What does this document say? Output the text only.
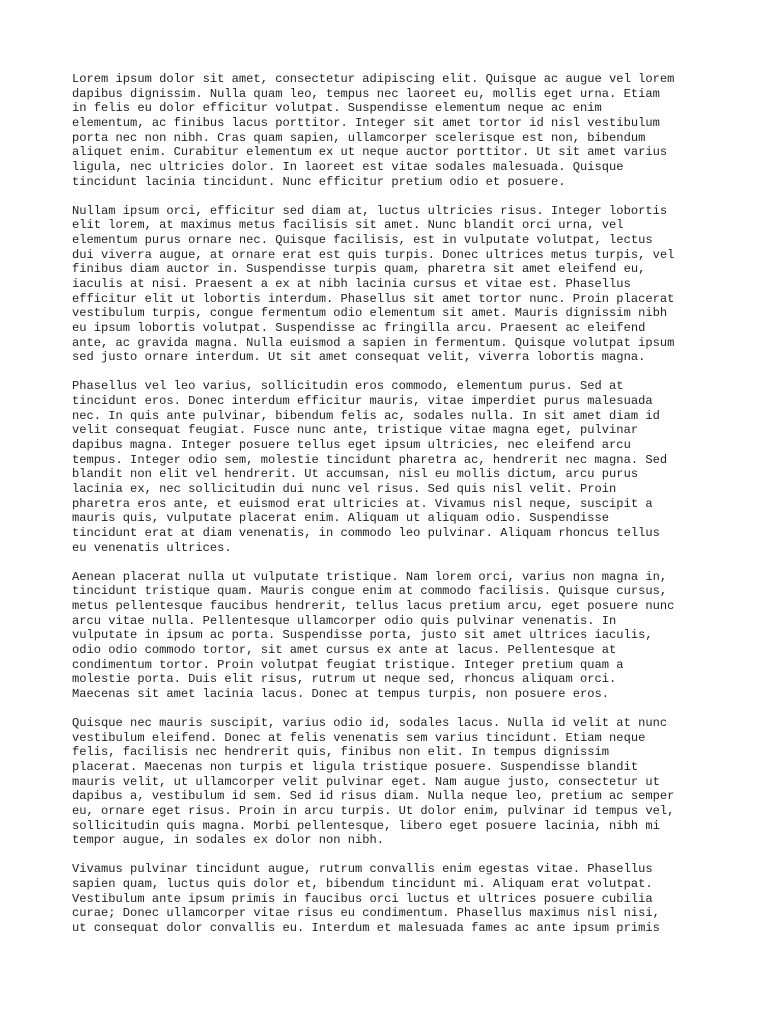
Lorem ipsum dolor sit amet, consectetur adipiscing elit. Quisque ac augue vel lorem
dapibus dignissim. Nulla quam leo, tempus nec laoreet eu, mollis eget urna. Etiam
in felis eu dolor efficitur volutpat. Suspendisse elementum neque ac enim
elementum, ac finibus lacus porttitor. Integer sit amet tortor id nisl vestibulum
porta nec non nibh. Cras quam sapien, ullamcorper scelerisque est non, bibendum
aliquet enim. Curabitur elementum ex ut neque auctor porttitor. Ut sit amet varius
ligula, nec ultricies dolor. In laoreet est vitae sodales malesuada. Quisque
tincidunt lacinia tincidunt. Nunc efficitur pretium odio et posuere.
Nullam ipsum orci, efficitur sed diam at, luctus ultricies risus. Integer lobortis
elit lorem, at maximus metus facilisis sit amet. Nunc blandit orci urna, vel
elementum purus ornare nec. Quisque facilisis, est in vulputate volutpat, lectus
dui viverra augue, at ornare erat est quis turpis. Donec ultrices metus turpis, vel
finibus diam auctor in. Suspendisse turpis quam, pharetra sit amet eleifend eu,
iaculis at nisi. Praesent a ex at nibh lacinia cursus et vitae est. Phasellus
efficitur elit ut lobortis interdum. Phasellus sit amet tortor nunc. Proin placerat
vestibulum turpis, congue fermentum odio elementum sit amet. Mauris dignissim nibh
eu ipsum lobortis volutpat. Suspendisse ac fringilla arcu. Praesent ac eleifend
ante, ac gravida magna. Nulla euismod a sapien in fermentum. Quisque volutpat ipsum
sed justo ornare interdum. Ut sit amet consequat velit, viverra lobortis magna.
Phasellus vel leo varius, sollicitudin eros commodo, elementum purus. Sed at
tincidunt eros. Donec interdum efficitur mauris, vitae imperdiet purus malesuada
nec. In quis ante pulvinar, bibendum felis ac, sodales nulla. In sit amet diam id
velit consequat feugiat. Fusce nunc ante, tristique vitae magna eget, pulvinar
dapibus magna. Integer posuere tellus eget ipsum ultricies, nec eleifend arcu
tempus. Integer odio sem, molestie tincidunt pharetra ac, hendrerit nec magna. Sed
blandit non elit vel hendrerit. Ut accumsan, nisl eu mollis dictum, arcu purus
lacinia ex, nec sollicitudin dui nunc vel risus. Sed quis nisl velit. Proin
pharetra eros ante, et euismod erat ultricies at. Vivamus nisl neque, suscipit a
mauris quis, vulputate placerat enim. Aliquam ut aliquam odio. Suspendisse
tincidunt erat at diam venenatis, in commodo leo pulvinar. Aliquam rhoncus tellus
eu venenatis ultrices.
Aenean placerat nulla ut vulputate tristique. Nam lorem orci, varius non magna in,
tincidunt tristique quam. Mauris congue enim at commodo facilisis. Quisque cursus,
metus pellentesque faucibus hendrerit, tellus lacus pretium arcu, eget posuere nunc
arcu vitae nulla. Pellentesque ullamcorper odio quis pulvinar venenatis. In
vulputate in ipsum ac porta. Suspendisse porta, justo sit amet ultrices iaculis,
odio odio commodo tortor, sit amet cursus ex ante at lacus. Pellentesque at
condimentum tortor. Proin volutpat feugiat tristique. Integer pretium quam a
molestie porta. Duis elit risus, rutrum ut neque sed, rhoncus aliquam orci.
Maecenas sit amet lacinia lacus. Donec at tempus turpis, non posuere eros.
Quisque nec mauris suscipit, varius odio id, sodales lacus. Nulla id velit at nunc
vestibulum eleifend. Donec at felis venenatis sem varius tincidunt. Etiam neque
felis, facilisis nec hendrerit quis, finibus non elit. In tempus dignissim
placerat. Maecenas non turpis et ligula tristique posuere. Suspendisse blandit
mauris velit, ut ullamcorper velit pulvinar eget. Nam augue justo, consectetur ut
dapibus a, vestibulum id sem. Sed id risus diam. Nulla neque leo, pretium ac semper
eu, ornare eget risus. Proin in arcu turpis. Ut dolor enim, pulvinar id tempus vel,
sollicitudin quis magna. Morbi pellentesque, libero eget posuere lacinia, nibh mi
tempor augue, in sodales ex dolor non nibh.
Vivamus pulvinar tincidunt augue, rutrum convallis enim egestas vitae. Phasellus
sapien quam, luctus quis dolor et, bibendum tincidunt mi. Aliquam erat volutpat.
Vestibulum ante ipsum primis in faucibus orci luctus et ultrices posuere cubilia
curae; Donec ullamcorper vitae risus eu condimentum. Phasellus maximus nisl nisi,
ut consequat dolor convallis eu. Interdum et malesuada fames ac ante ipsum primis
